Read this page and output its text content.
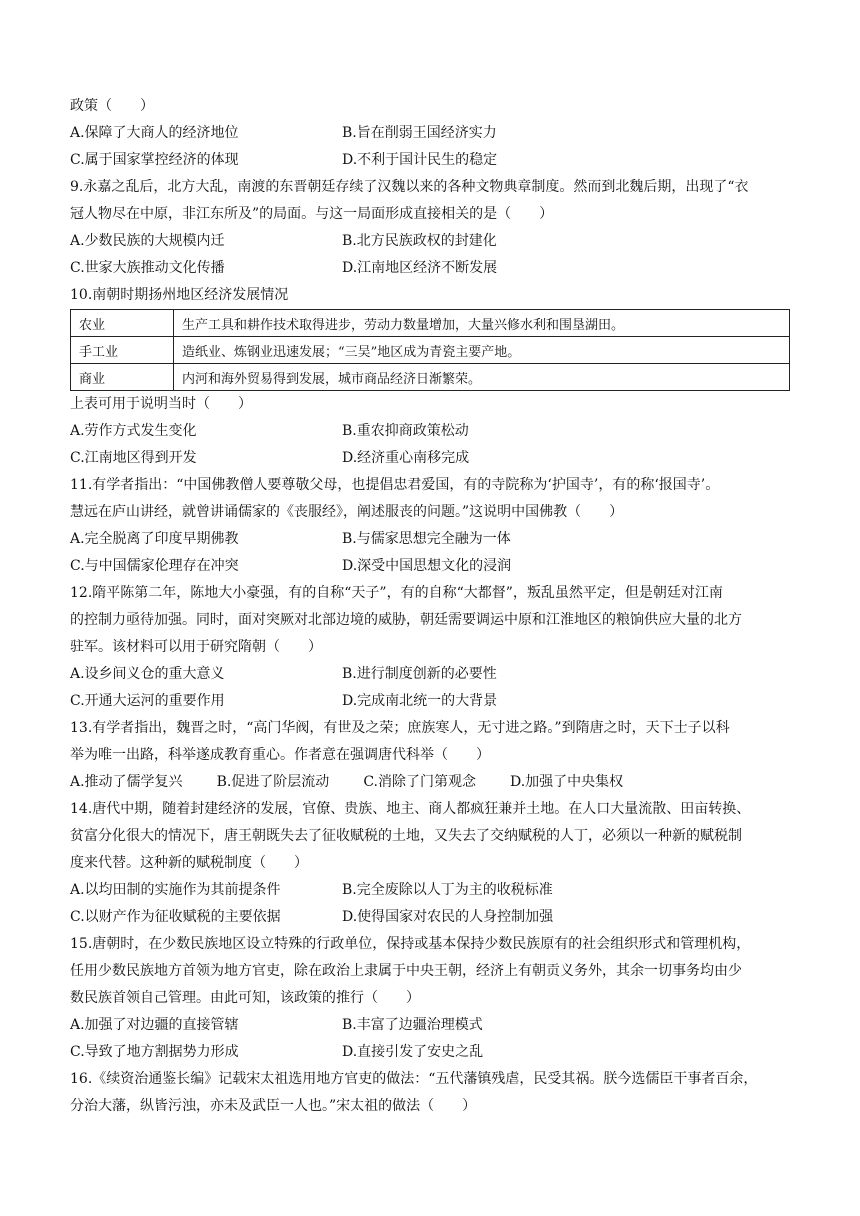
政策（　　）
A.保障了大商人的经济地位	B.旨在削弱王国经济实力
C.属于国家掌控经济的体现	D.不利于国计民生的稳定
9.永嘉之乱后，北方大乱，南渡的东晋朝廷存续了汉魏以来的各种文物典章制度。然而到北魏后期，出现了“衣
冠人物尽在中原，非江东所及”的局面。与这一局面形成直接相关的是（　　）
A.少数民族的大规模内迁	B.北方民族政权的封建化
C.世家大族推动文化传播	D.江南地区经济不断发展
10.南朝时期扬州地区经济发展情况
农业	生产工具和耕作技术取得进步，劳动力数量增加，大量兴修水利和围垦湖田。
手工业	造纸业、炼钢业迅速发展；“三吴”地区成为青瓷主要产地。
商业	内河和海外贸易得到发展，城市商品经济日渐繁荣。
上表可用于说明当时（　　）
A.劳作方式发生变化	B.重农抑商政策松动
C.江南地区得到开发	D.经济重心南移完成
11.有学者指出：“中国佛教僧人要尊敬父母，也提倡忠君爱国，有的寺院称为‘护国寺’，有的称‘报国寺’。
慧远在庐山讲经，就曾讲诵儒家的《丧服经》，阐述服丧的问题。”这说明中国佛教（　　）
A.完全脱离了印度早期佛教	B.与儒家思想完全融为一体
C.与中国儒家伦理存在冲突	D.深受中国思想文化的浸润
12.隋平陈第二年，陈地大小豪强，有的自称“天子”，有的自称“大都督”，叛乱虽然平定，但是朝廷对江南
的控制力亟待加强。同时，面对突厥对北部边境的威胁，朝廷需要调运中原和江淮地区的粮饷供应大量的北方
驻军。该材料可以用于研究隋朝（　　）
A.设乡间义仓的重大意义	B.进行制度创新的必要性
C.开通大运河的重要作用	D.完成南北统一的大背景
13.有学者指出，魏晋之时，“高门华阀，有世及之荣；庶族寒人，无寸进之路。”到隋唐之时，天下士子以科
举为唯一出路，科举遂成教育重心。作者意在强调唐代科举（　　）
A.推动了儒学复兴 B.促进了阶层流动 C.消除了门第观念 D.加强了中央集权
14.唐代中期，随着封建经济的发展，官僚、贵族、地主、商人都疯狂兼并土地。在人口大量流散、田亩转换、
贫富分化很大的情况下，唐王朝既失去了征收赋税的土地，又失去了交纳赋税的人丁，必须以一种新的赋税制
度来代替。这种新的赋税制度（　　）
A.以均田制的实施作为其前提条件	B.完全废除以人丁为主的收税标准
C.以财产作为征收赋税的主要依据	D.使得国家对农民的人身控制加强
15.唐朝时，在少数民族地区设立特殊的行政单位，保持或基本保持少数民族原有的社会组织形式和管理机构，
任用少数民族地方首领为地方官吏，除在政治上隶属于中央王朝，经济上有朝贡义务外，其余一切事务均由少
数民族首领自己管理。由此可知，该政策的推行（　　）
A.加强了对边疆的直接管辖	B.丰富了边疆治理模式
C.导致了地方割据势力形成	D.直接引发了安史之乱
16.《续资治通鉴长编》记载宋太祖选用地方官吏的做法：“五代藩镇残虐，民受其祸。朕今选儒臣干事者百余，
分治大藩，纵皆污浊，亦未及武臣一人也。”宋太祖的做法（　　）
